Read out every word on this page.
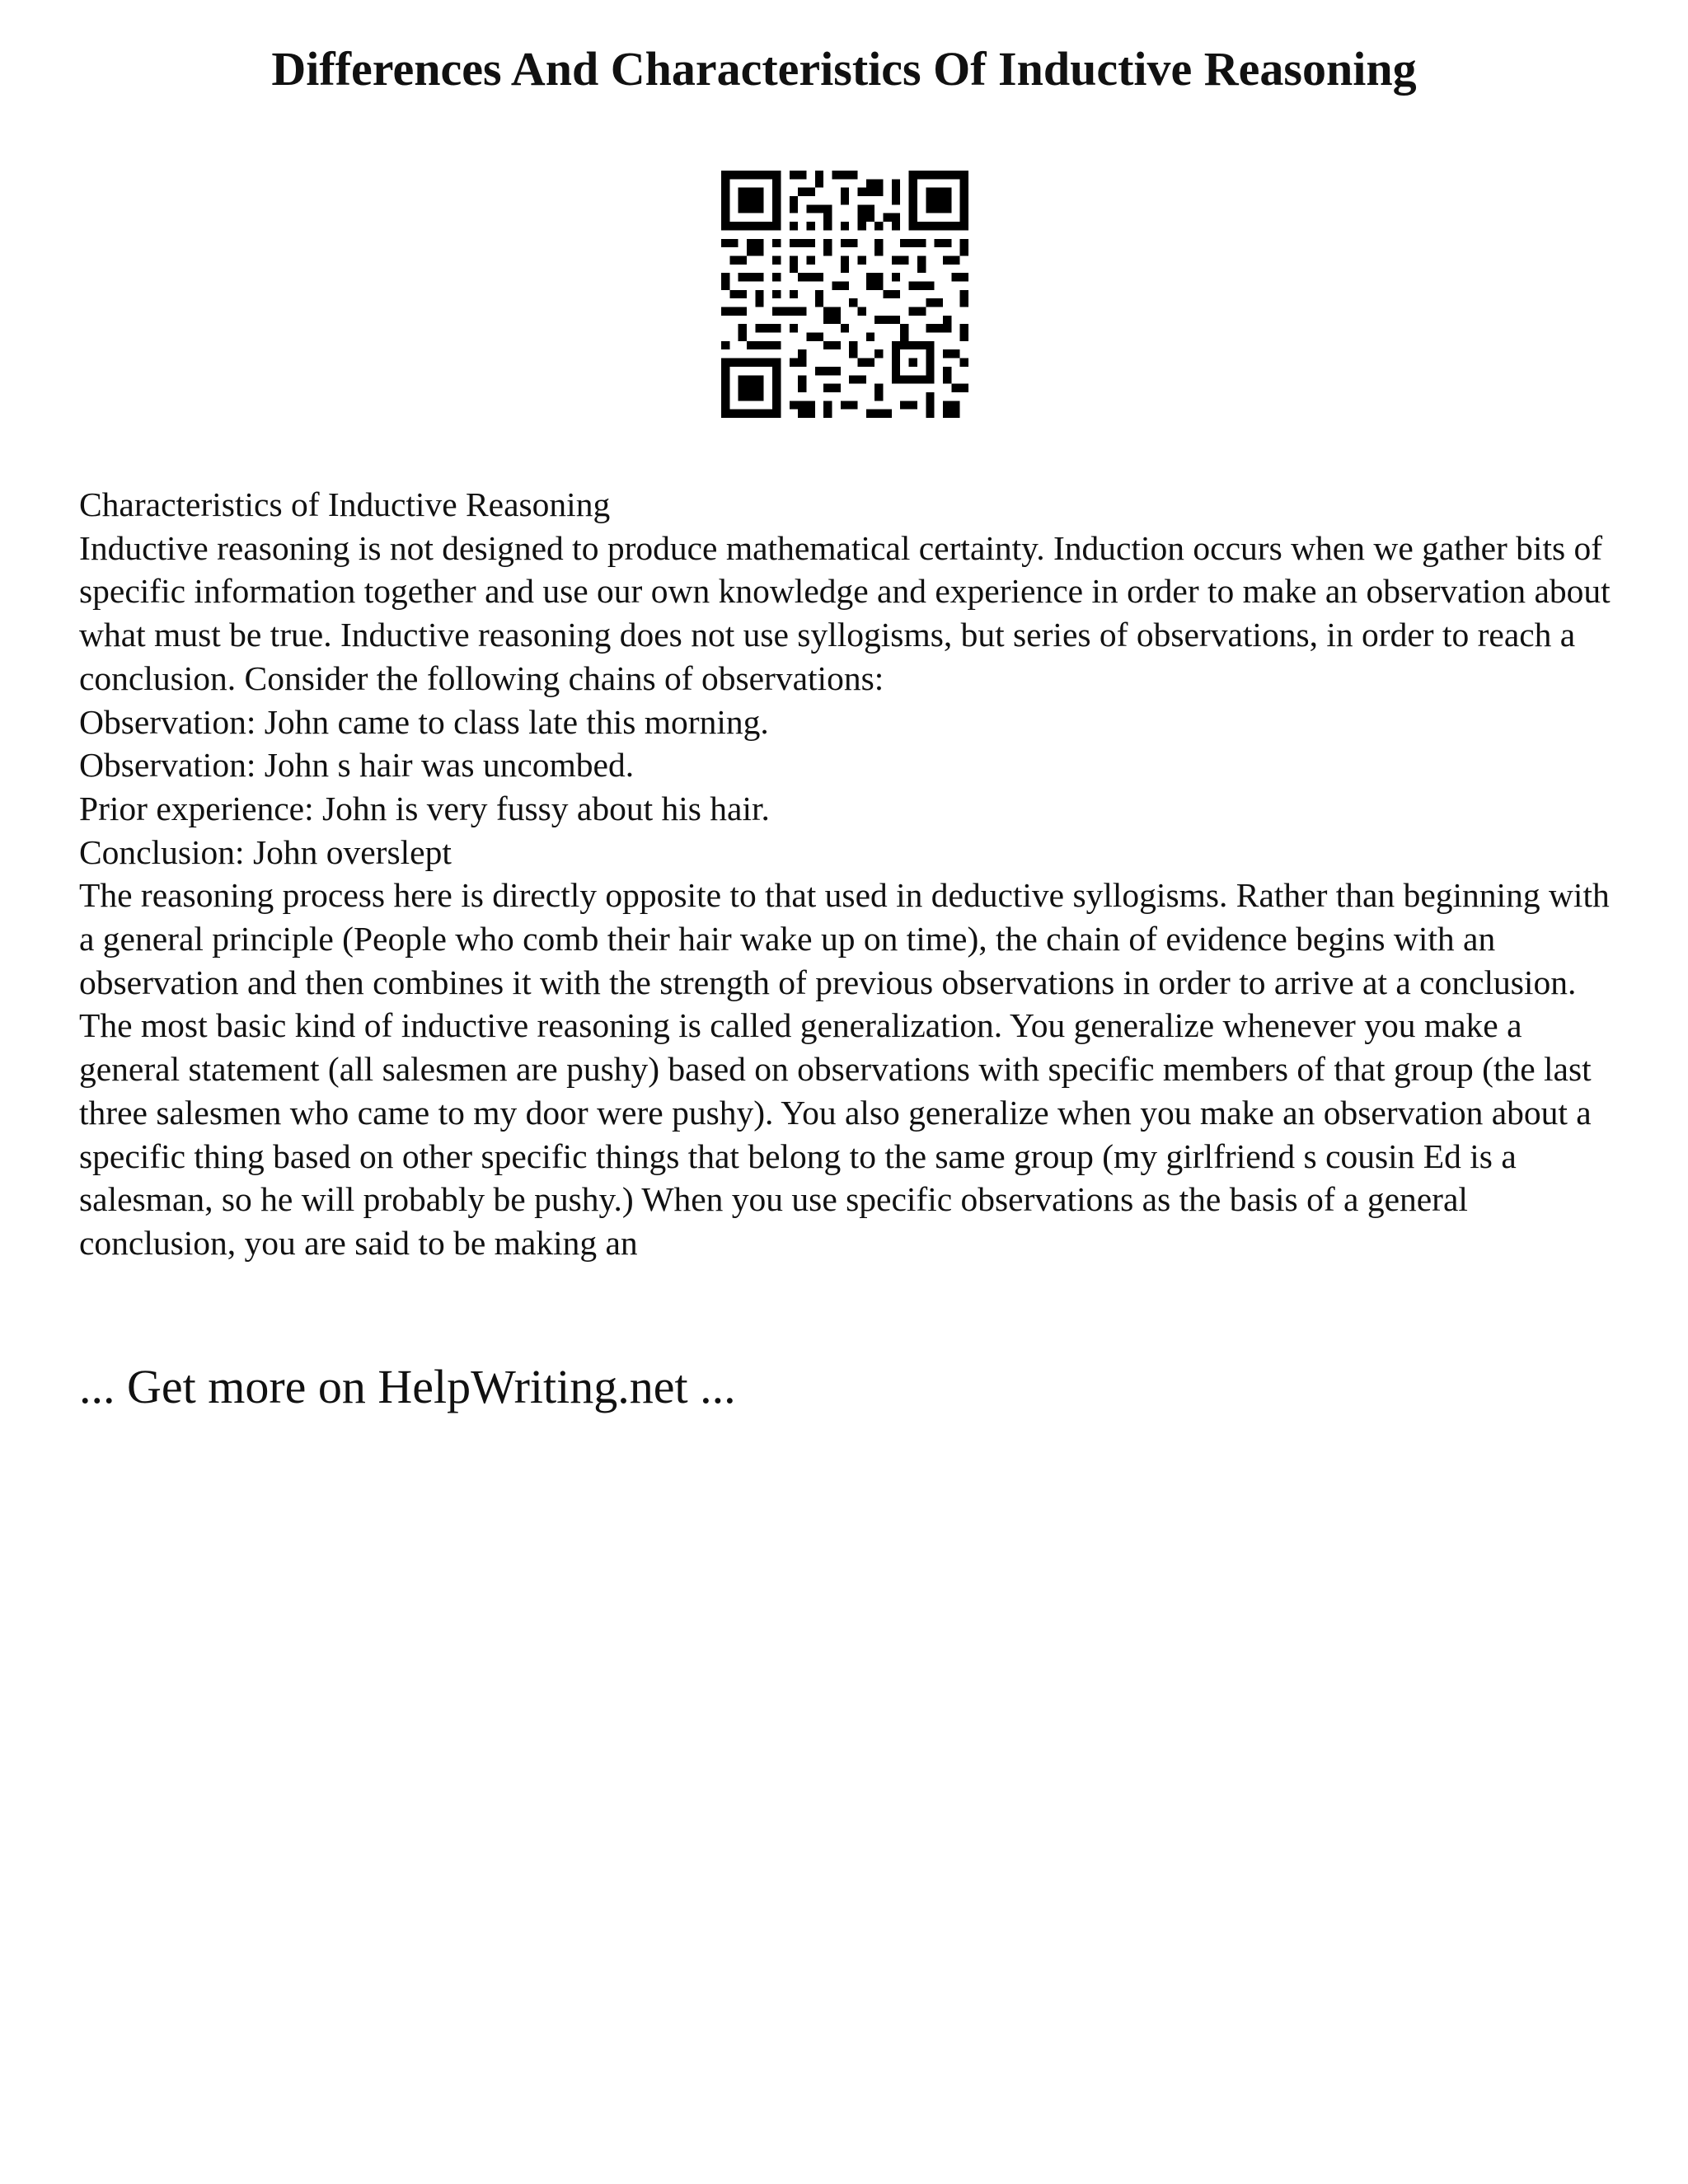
Differences And Characteristics Of Inductive Reasoning

Characteristics of Inductive Reasoning

Inductive reasoning is not designed to produce mathematical certainty. Induction occurs when we gather bits of specific information together and use our own knowledge and experience in order to make an observation about what must be true. Inductive reasoning does not use syllogisms, but series of observations, in order to reach a conclusion. Consider the following chains of observations:

Observation: John came to class late this morning.

Observation: John s hair was uncombed.

Prior experience: John is very fussy about his hair.

Conclusion: John overslept

The reasoning process here is directly opposite to that used in deductive syllogisms. Rather than beginning with a general principle (People who comb their hair wake up on time), the chain of evidence begins with an observation and then combines it with the strength of previous observations in order to arrive at a conclusion.

The most basic kind of inductive reasoning is called generalization. You generalize whenever you make a general statement (all salesmen are pushy) based on observations with specific members of that group (the last three salesmen who came to my door were pushy). You also generalize when you make an observation about a specific thing based on other specific things that belong to the same group (my girlfriend s cousin Ed is a salesman, so he will probably be pushy.) When you use specific observations as the basis of a general conclusion, you are said to be making an

... Get more on HelpWriting.net ...
